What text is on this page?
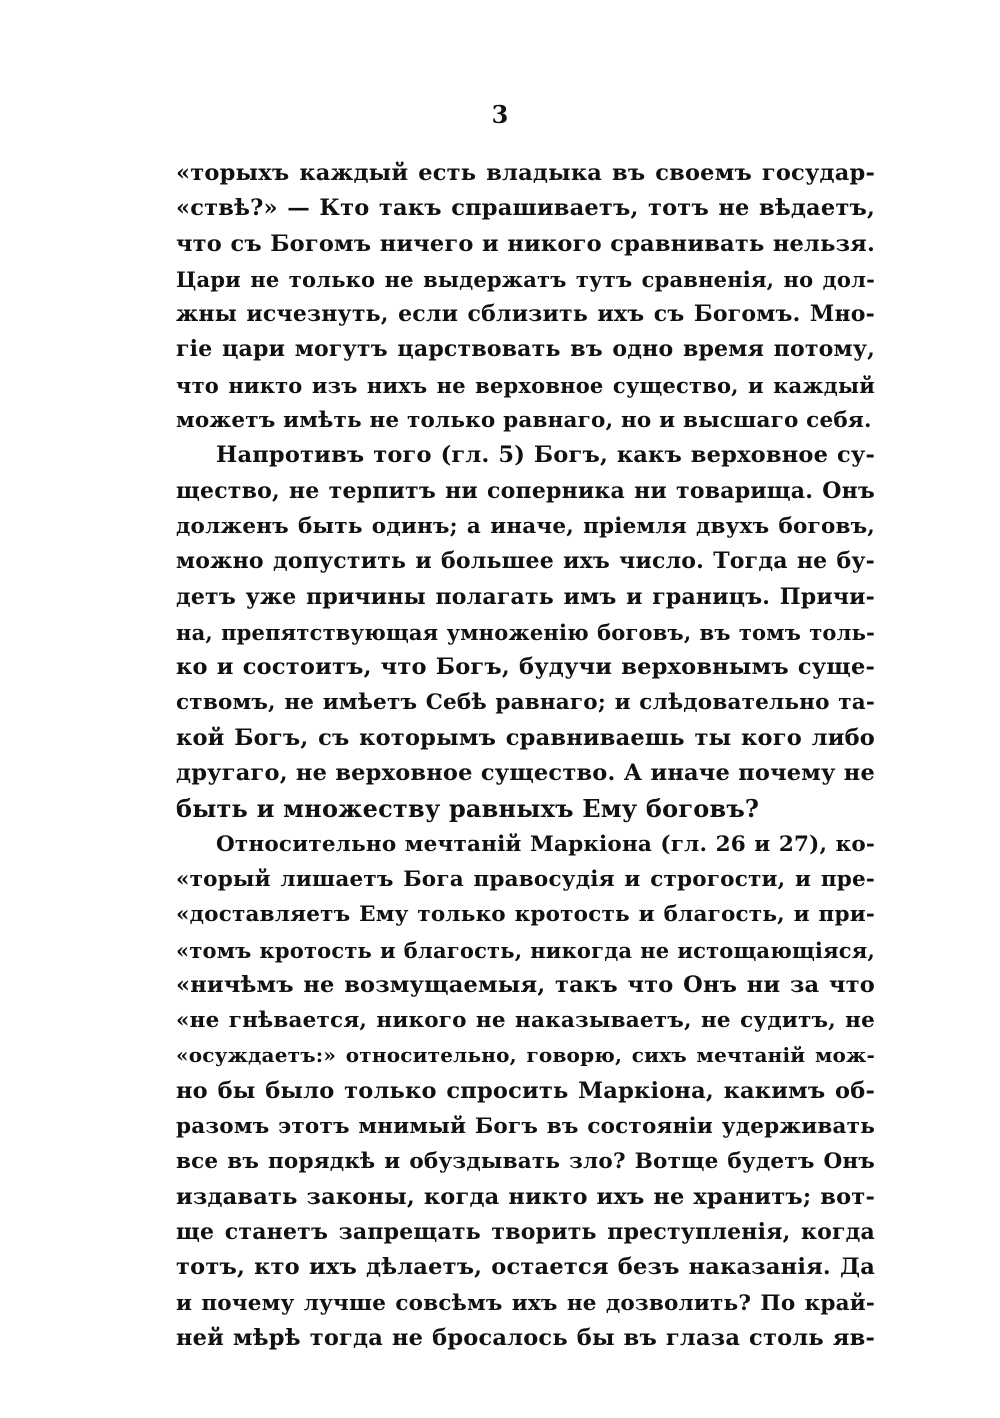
3
«торыхъ каждый есть владыка въ своемъ государ-
«ствѣ?» — Кто такъ спрашиваетъ, тотъ не вѣдаетъ,
что съ Богомъ ничего и никого сравнивать нельзя.
Цари не только не выдержатъ тутъ сравненія, но дол-
жны исчезнуть, если сблизить ихъ съ Богомъ. Мно-
гіе цари могутъ царствовать въ одно время потому,
что никто изъ нихъ не верховное существо, и каждый
можетъ имѣть не только равнаго, но и высшаго себя.
Напротивъ того (гл. 5) Богъ, какъ верховное су-
щество, не терпитъ ни соперника ни товарища. Онъ
долженъ быть одинъ; а иначе, пріемля двухъ боговъ,
можно допустить и большее ихъ число. Тогда не бу-
детъ уже причины полагать имъ и границъ. Причи-
на, препятствующая умноженію боговъ, въ томъ толь-
ко и состоитъ, что Богъ, будучи верховнымъ суще-
ствомъ, не имѣетъ Себѣ равнаго; и слѣдовательно та-
кой Богъ, съ которымъ сравниваешь ты кого либо
другаго, не верховное существо. А иначе почему не
быть и множеству равныхъ Ему боговъ?
Относительно мечтаній Маркіона (гл. 26 и 27), ко-
«торый лишаетъ Бога правосудія и строгости, и пре-
«доставляетъ Ему только кротость и благость, и при-
«томъ кротость и благость, никогда не истощающіяся,
«ничѣмъ не возмущаемыя, такъ что Онъ ни за что
«не гнѣвается, никого не наказываетъ, не судитъ, не
«осуждаетъ:» относительно, говорю, сихъ мечтаній мож-
но бы было только спросить Маркіона, какимъ об-
разомъ этотъ мнимый Богъ въ состояніи удерживать
все въ порядкѣ и обуздывать зло? Вотще будетъ Онъ
издавать законы, когда никто ихъ не хранитъ; вот-
ще станетъ запрещать творить преступленія, когда
тотъ, кто ихъ дѣлаетъ, остается безъ наказанія. Да
и почему лучше совсѣмъ ихъ не дозволить? По край-
ней мѣрѣ тогда не бросалось бы въ глаза столь яв-
